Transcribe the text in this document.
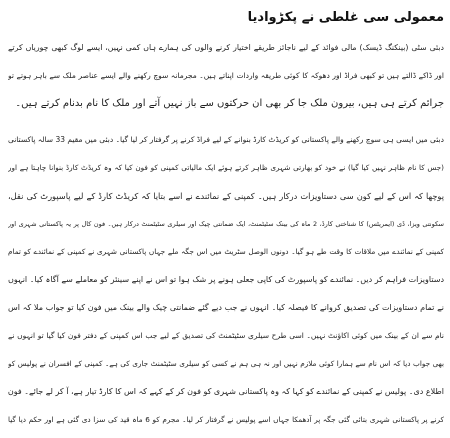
معمولی سی غلطی نے پکڑوادیا
دبئی سٹی (بینکنگ ڈیسک) مالی فوائد کے لیے ناجائز طریقے اختیار کرنے والوں کی ہمارے ہاں کمی نہیں، ایسے لوگ کبھی چوریاں کرتے
اور ڈاکے ڈالتے ہیں تو کبھی فراڈ اور دھوکہ کا کوئی طریقہ واردات اپناتے ہیں۔ مجرمانہ سوچ رکھنے والے ایسے عناصر ملک سے باہر ہوتے تو
جرائم کرتے ہی ہیں، بیرون ملک جا کر بھی ان حرکتوں سے باز نہیں آتے اور ملک کا نام بدنام کرتے ہیں۔
دبئی میں ایسی ہی سوچ رکھنے والے پاکستانی کو کریڈٹ کارڈ بنوانے کے لیے فراڈ کرنے پر گرفتار کر لیا گیا۔ دبئی میں مقیم 33 سالہ پاکستانی
(جس کا نام ظاہر نہیں کیا گیا) نے خود کو بھارتی شہری ظاہر کرتے ہوئے ایک مالیاتی کمپنی کو فون کیا کہ وہ کریڈٹ کارڈ بنوانا چاہتا ہے اور
پوچھا کہ اس کے لیے کون سی دستاویزات درکار ہیں۔ کمپنی کے نمائندے نے اسے بتایا کہ کریڈٹ کارڈ کے لیے پاسپورٹ کی نقل،
سکونتی ویزا، ڈی (ایمریٹس) کا شناختی کارڈ، 2 ماہ کی بینک سٹیٹمنٹ، ایک ضمانتی چیک اور سیلری سٹیٹمنٹ درکار ہیں۔ فون کال پر یہ پاکستانی شہری اور
کمپنی کے نمائندے میں ملاقات کا وقت طے ہو گیا۔ دونوں الوصل سٹریٹ میں اس جگہ ملے جہاں پاکستانی شہری نے کمپنی کے نمائندے کو تمام
دستاویزات فراہم کر دیں۔ نمائندے کو پاسپورٹ کی کاپی جعلی ہونے پر شک ہوا تو اس نے اپنے سینئر کو معاملے سے آگاہ کیا۔ انہوں
نے تمام دستاویزات کی تصدیق کروانے کا فیصلہ کیا۔ انہوں نے جب دیے گئے ضمانتی چیک والے بینک میں فون کیا تو جواب ملا کہ اس
نام سے ان کے بینک میں کوئی اکاؤنٹ نہیں۔ اسی طرح سیلری سٹیٹمنٹ کی تصدیق کے لیے جب اس کمپنی کے دفتر فون کیا گیا تو انہوں نے
بھی جواب دیا کہ اس نام سے ہمارا کوئی ملازم نہیں اور نہ ہی ہم نے کسی کو سیلری سٹیٹمنٹ جاری کی ہے۔ کمپنی کے افسران نے پولیس کو
اطلاع دی۔ پولیس نے کمپنی کے نمائندے کو کہا کہ وہ پاکستانی شہری کو فون کر کے کہے کہ اس کا کارڈ تیار ہے، آ کر لے جائے۔ فون
کرنے پر پاکستانی شہری بتائی گئی جگہ پر آدھمکا جہاں اسے پولیس نے گرفتار کر لیا۔ مجرم کو 6 ماہ قید کی سزا دی گئی ہے اور حکم دیا گیا
